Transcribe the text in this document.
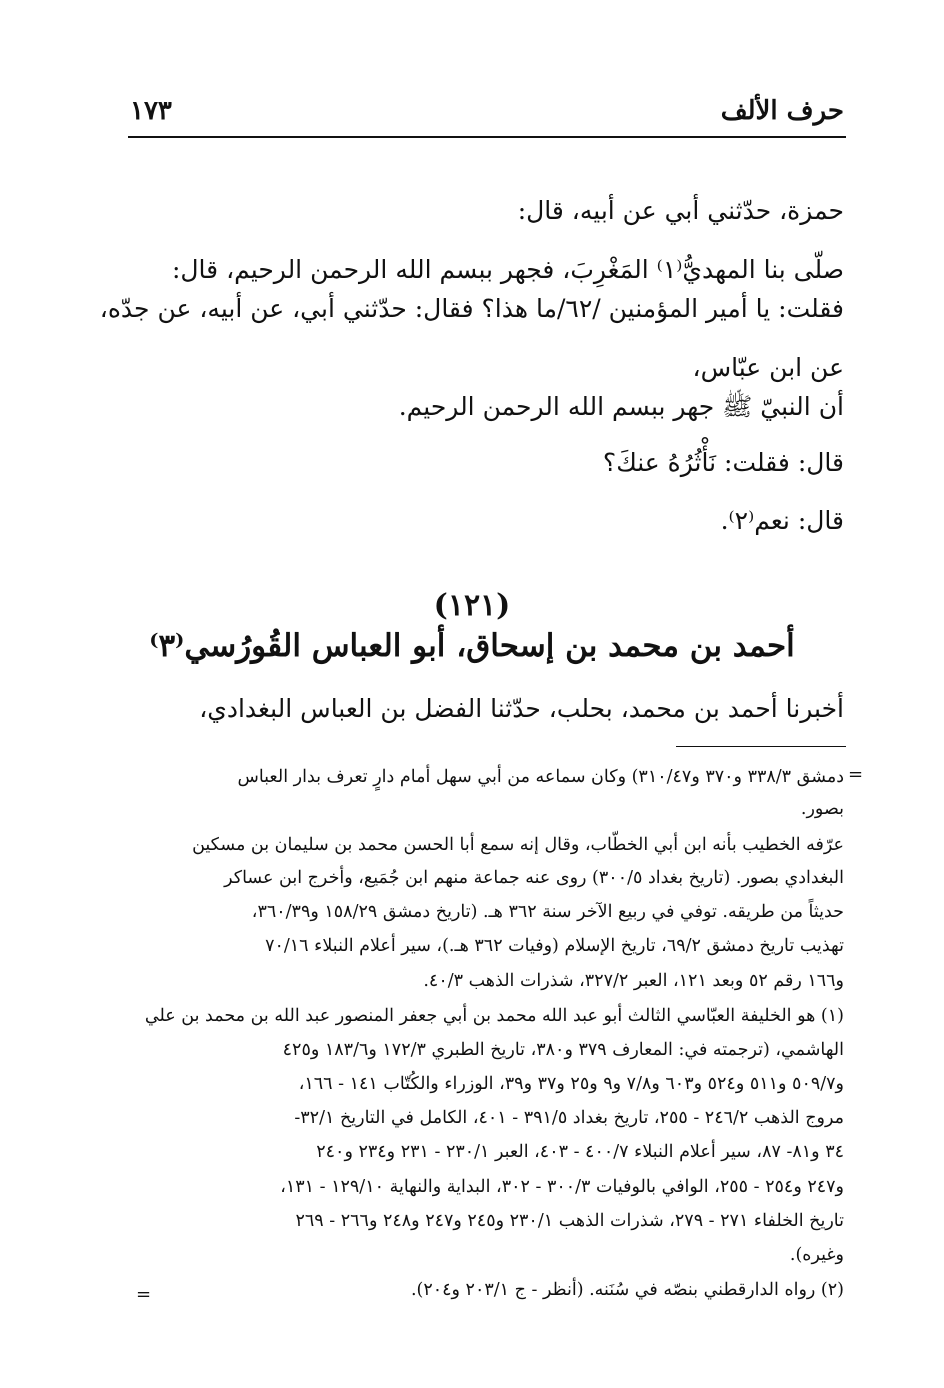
١٧٣	حرف الألف
حمزة، حدّثني أبي عن أبيه، قال:
صلّى بنا المهديُّ⁽١⁾ المَغْرِبَ، فجهر ببسم الله الرحمن الرحيم، قال:
فقلت: يا أمير المؤمنين /٦٢/ما هذا؟ فقال: حدّثني أبي، عن أبيه، عن جدّه،
عن ابن عبّاس،
أن النبيّ ﷺ جهر ببسم الله الرحمن الرحيم.
قال: فقلت: نَأْثُرُهُ عنكَ؟
قال: نعم⁽٢⁾.
(١٢١)
أحمد بن محمد بن إسحاق، أبو العباس القُورُسي⁽٣⁾
أخبرنا أحمد بن محمد، بحلب، حدّثنا الفضل بن العباس البغدادي،
=
دمشق ٣٣٨/٣ و٣٧٠ و٣١٠/٤٧) وكان سماعه من أبي سهل أمام دارٍ تعرف بدار العباس
بصور.
عرّفه الخطيب بأنه ابن أبي الخطّاب، وقال إنه سمع أبا الحسن محمد بن سليمان بن مسكين
البغدادي بصور. (تاريخ بغداد ٣٠٠/٥) روى عنه جماعة منهم ابن جُمَيع، وأخرج ابن عساكر
حديثاً من طريقه. توفي في ربيع الآخر سنة ٣٦٢ هـ. (تاريخ دمشق ١٥٨/٢٩ و٣٦٠/٣٩،
تهذيب تاريخ دمشق ٦٩/٢، تاريخ الإسلام (وفيات ٣٦٢ هـ.)، سير أعلام النبلاء ٧٠/١٦
و١٦٦ رقم ٥٢ وبعد ١٢١، العبر ٣٢٧/٢، شذرات الذهب ٤٠/٣.
(١) هو الخليفة العبّاسي الثالث أبو عبد الله محمد بن أبي جعفر المنصور عبد الله بن محمد بن علي
الهاشمي، (ترجمته في: المعارف ٣٧٩ و٣٨٠، تاريخ الطبري ١٧٢/٣ و١٨٣/٦ و٤٢٥
و٥٠٩/٧ و٥١١ و٥٢٤ و٦٠٣ و٧/٨ و٩ و٢٥ و٣٧ و٣٩، الوزراء والكُتّاب ١٤١ - ١٦٦،
مروج الذهب ٢٤٦/٢ - ٢٥٥، تاريخ بغداد ٣٩١/٥ - ٤٠١، الكامل في التاريخ ٣٢/١-
٣٤ و٨١- ٨٧، سير أعلام النبلاء ٤٠٠/٧ - ٤٠٣، العبر ٢٣٠/١ - ٢٣١ و٢٣٤ و٢٤٠
و٢٤٧ و٢٥٤ - ٢٥٥، الوافي بالوفيات ٣٠٠/٣ - ٣٠٢، البداية والنهاية ١٢٩/١٠ - ١٣١،
تاريخ الخلفاء ٢٧١ - ٢٧٩، شذرات الذهب ٢٣٠/١ و٢٤٥ و٢٤٧ و٢٤٨ و٢٦٦ - ٢٦٩
وغيره).
(٢) رواه الدارقطني بنصّه في سُنَنه. (أنظر - ج ٢٠٣/١ و٢٠٤).
=
